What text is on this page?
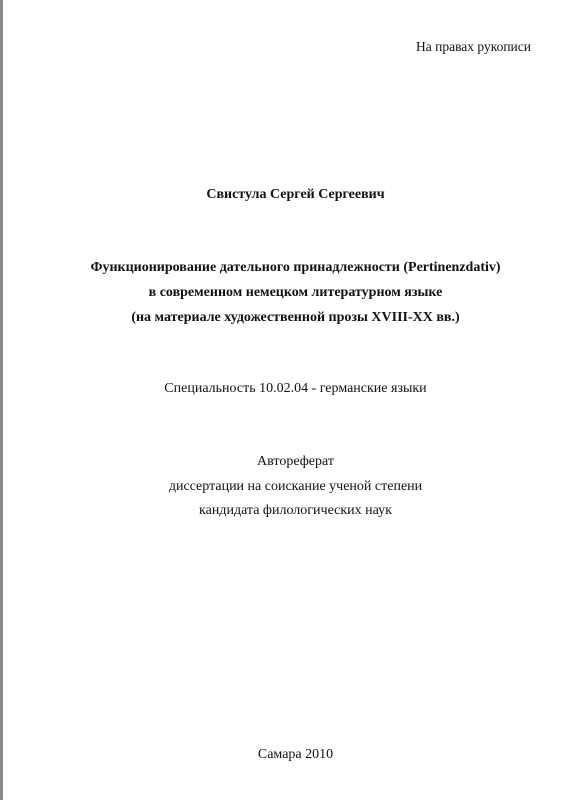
На правах рукописи
Свистула Сергей Сергеевич
Функционирование дательного принадлежности (Pertinenzdativ)
в современном немецком литературном языке
(на материале художественной прозы XVIII-XX вв.)
Специальность 10.02.04 - германские языки
Автореферат
диссертации на соискание ученой степени
кандидата филологических наук
Самара 2010
